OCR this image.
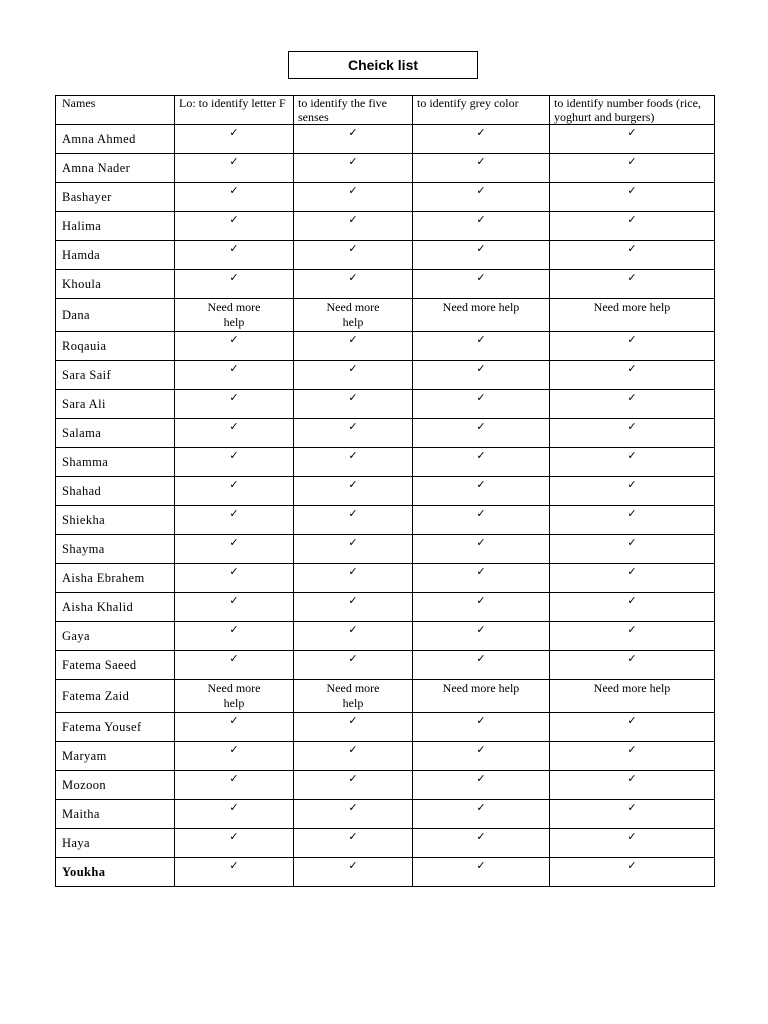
Cheick list
Names	Lo: to identify letter F	to identify the five senses	to identify grey color	to identify number foods (rice, yoghurt and burgers)
Amna Ahmed	✓	✓	✓	✓
Amna Nader	✓	✓	✓	✓
Bashayer	✓	✓	✓	✓
Halima	✓	✓	✓	✓
Hamda	✓	✓	✓	✓
Khoula	✓	✓	✓	✓
Dana	Need more help	Need more help	Need more help	Need more help

Roqauia	✓	✓	✓	✓
Sara Saif	✓	✓	✓	✓
Sara Ali	✓	✓	✓	✓
Salama	✓	✓	✓	✓
Shamma	✓	✓	✓	✓
Shahad	✓	✓	✓	✓
Shiekha	✓	✓	✓	✓
Shayma	✓	✓	✓	✓
Aisha Ebrahem	✓	✓	✓	✓
Aisha Khalid	✓	✓	✓	✓
Gaya	✓	✓	✓	✓
Fatema Saeed	✓	✓	✓	✓
Fatema Zaid	Need more help	Need more help	Need more help	Need more help

Fatema Yousef	✓	✓	✓	✓
Maryam	✓	✓	✓	✓
Mozoon	✓	✓	✓	✓
Maitha	✓	✓	✓	✓
Haya	✓	✓	✓	✓
Youkha	✓	✓	✓	✓
